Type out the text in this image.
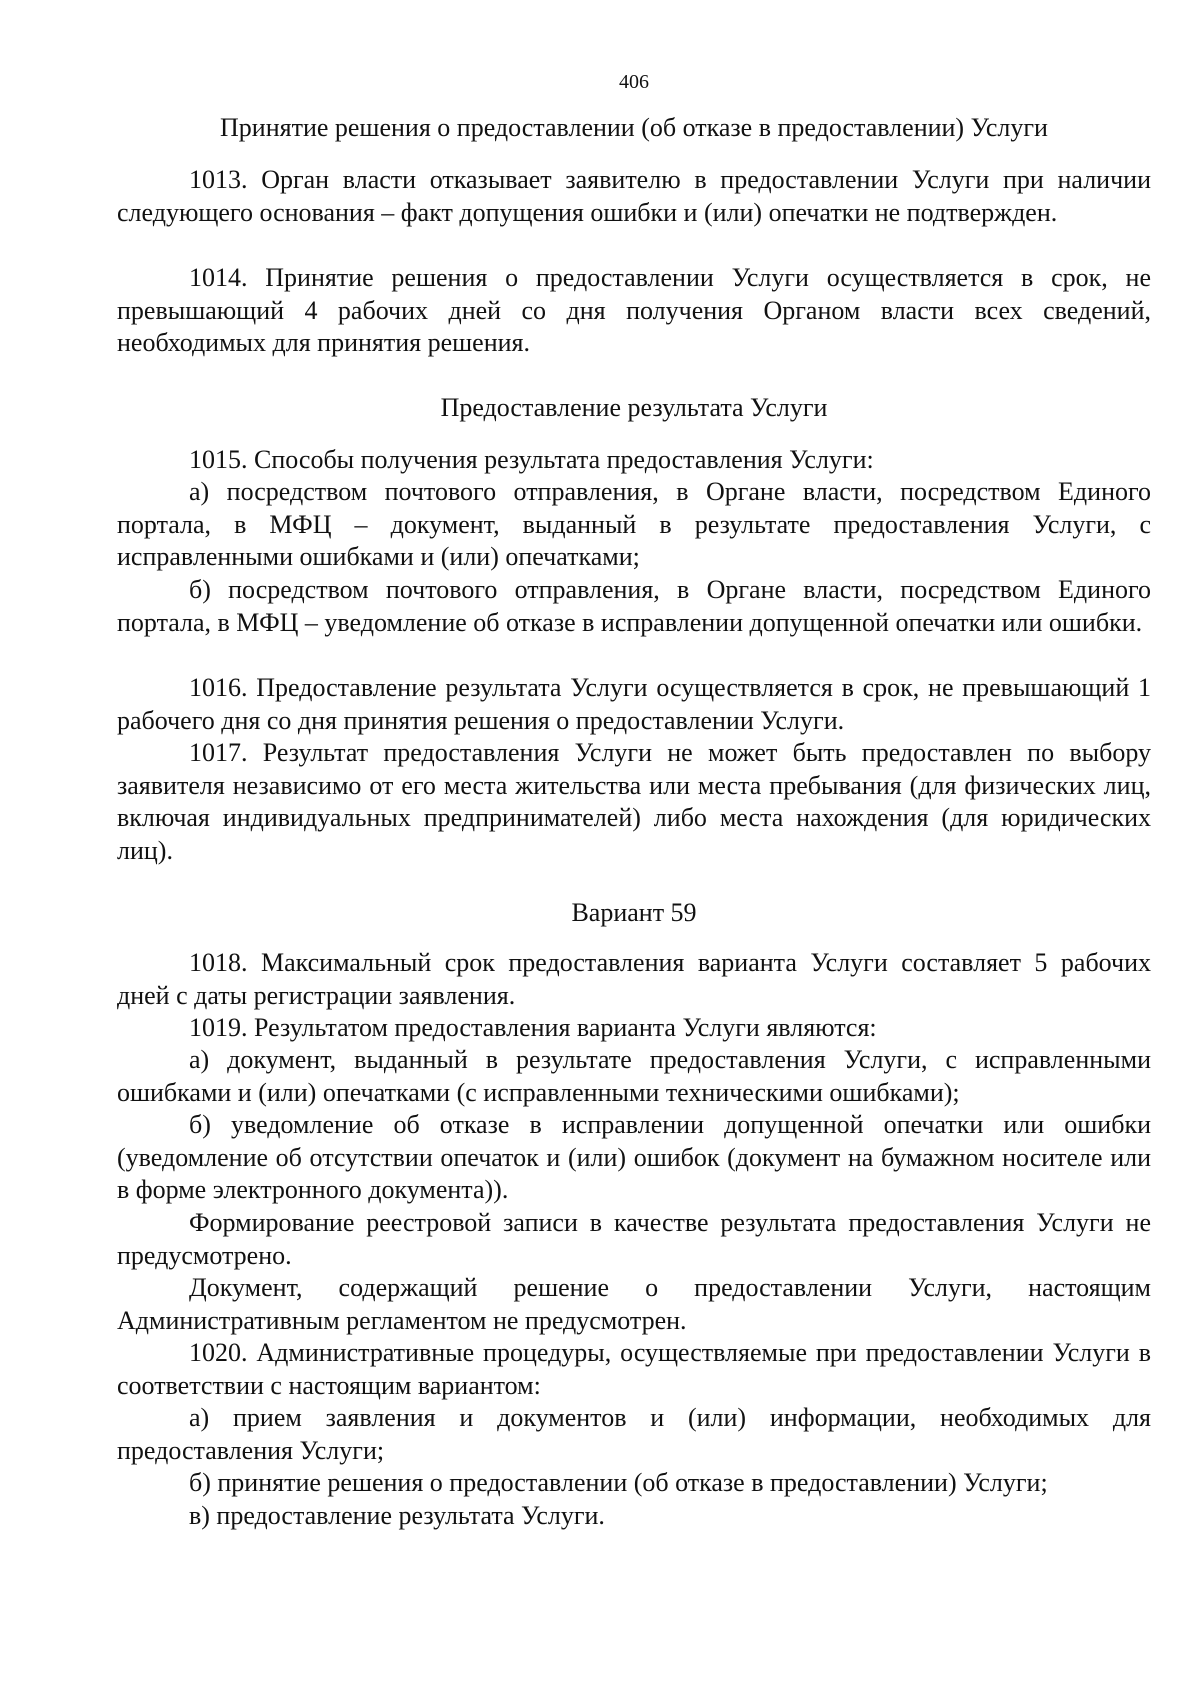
406
Принятие решения о предоставлении (об отказе в предоставлении) Услуги

1013. Орган власти отказывает заявителю в предоставлении Услуги при наличии следующего основания – факт допущения ошибки и (или) опечатки не подтвержден.

1014. Принятие решения о предоставлении Услуги осуществляется в срок, не превышающий 4 рабочих дней со дня получения Органом власти всех сведений, необходимых для принятия решения.

Предоставление результата Услуги

1015. Способы получения результата предоставления Услуги:

а) посредством почтового отправления, в Органе власти, посредством Единого портала, в МФЦ – документ, выданный в результате предоставления Услуги, с исправленными ошибками и (или) опечатками;

б) посредством почтового отправления, в Органе власти, посредством Единого портала, в МФЦ – уведомление об отказе в исправлении допущенной опечатки или ошибки.

1016. Предоставление результата Услуги осуществляется в срок, не превышающий 1 рабочего дня со дня принятия решения о предоставлении Услуги.

1017. Результат предоставления Услуги не может быть предоставлен по выбору заявителя независимо от его места жительства или места пребывания (для физических лиц, включая индивидуальных предпринимателей) либо места нахождения (для юридических лиц).

Вариант 59

1018. Максимальный срок предоставления варианта Услуги составляет 5 рабочих дней с даты регистрации заявления.

1019. Результатом предоставления варианта Услуги являются:

а) документ, выданный в результате предоставления Услуги, с исправленными ошибками и (или) опечатками (с исправленными техническими ошибками);

б) уведомление об отказе в исправлении допущенной опечатки или ошибки (уведомление об отсутствии опечаток и (или) ошибок (документ на бумажном носителе или в форме электронного документа)).

Формирование реестровой записи в качестве результата предоставления Услуги не предусмотрено.

Документ, содержащий решение о предоставлении Услуги, настоящим Административным регламентом не предусмотрен.

1020. Административные процедуры, осуществляемые при предоставлении Услуги в соответствии с настоящим вариантом:

а) прием заявления и документов и (или) информации, необходимых для предоставления Услуги;

б) принятие решения о предоставлении (об отказе в предоставлении) Услуги;

в) предоставление результата Услуги.
